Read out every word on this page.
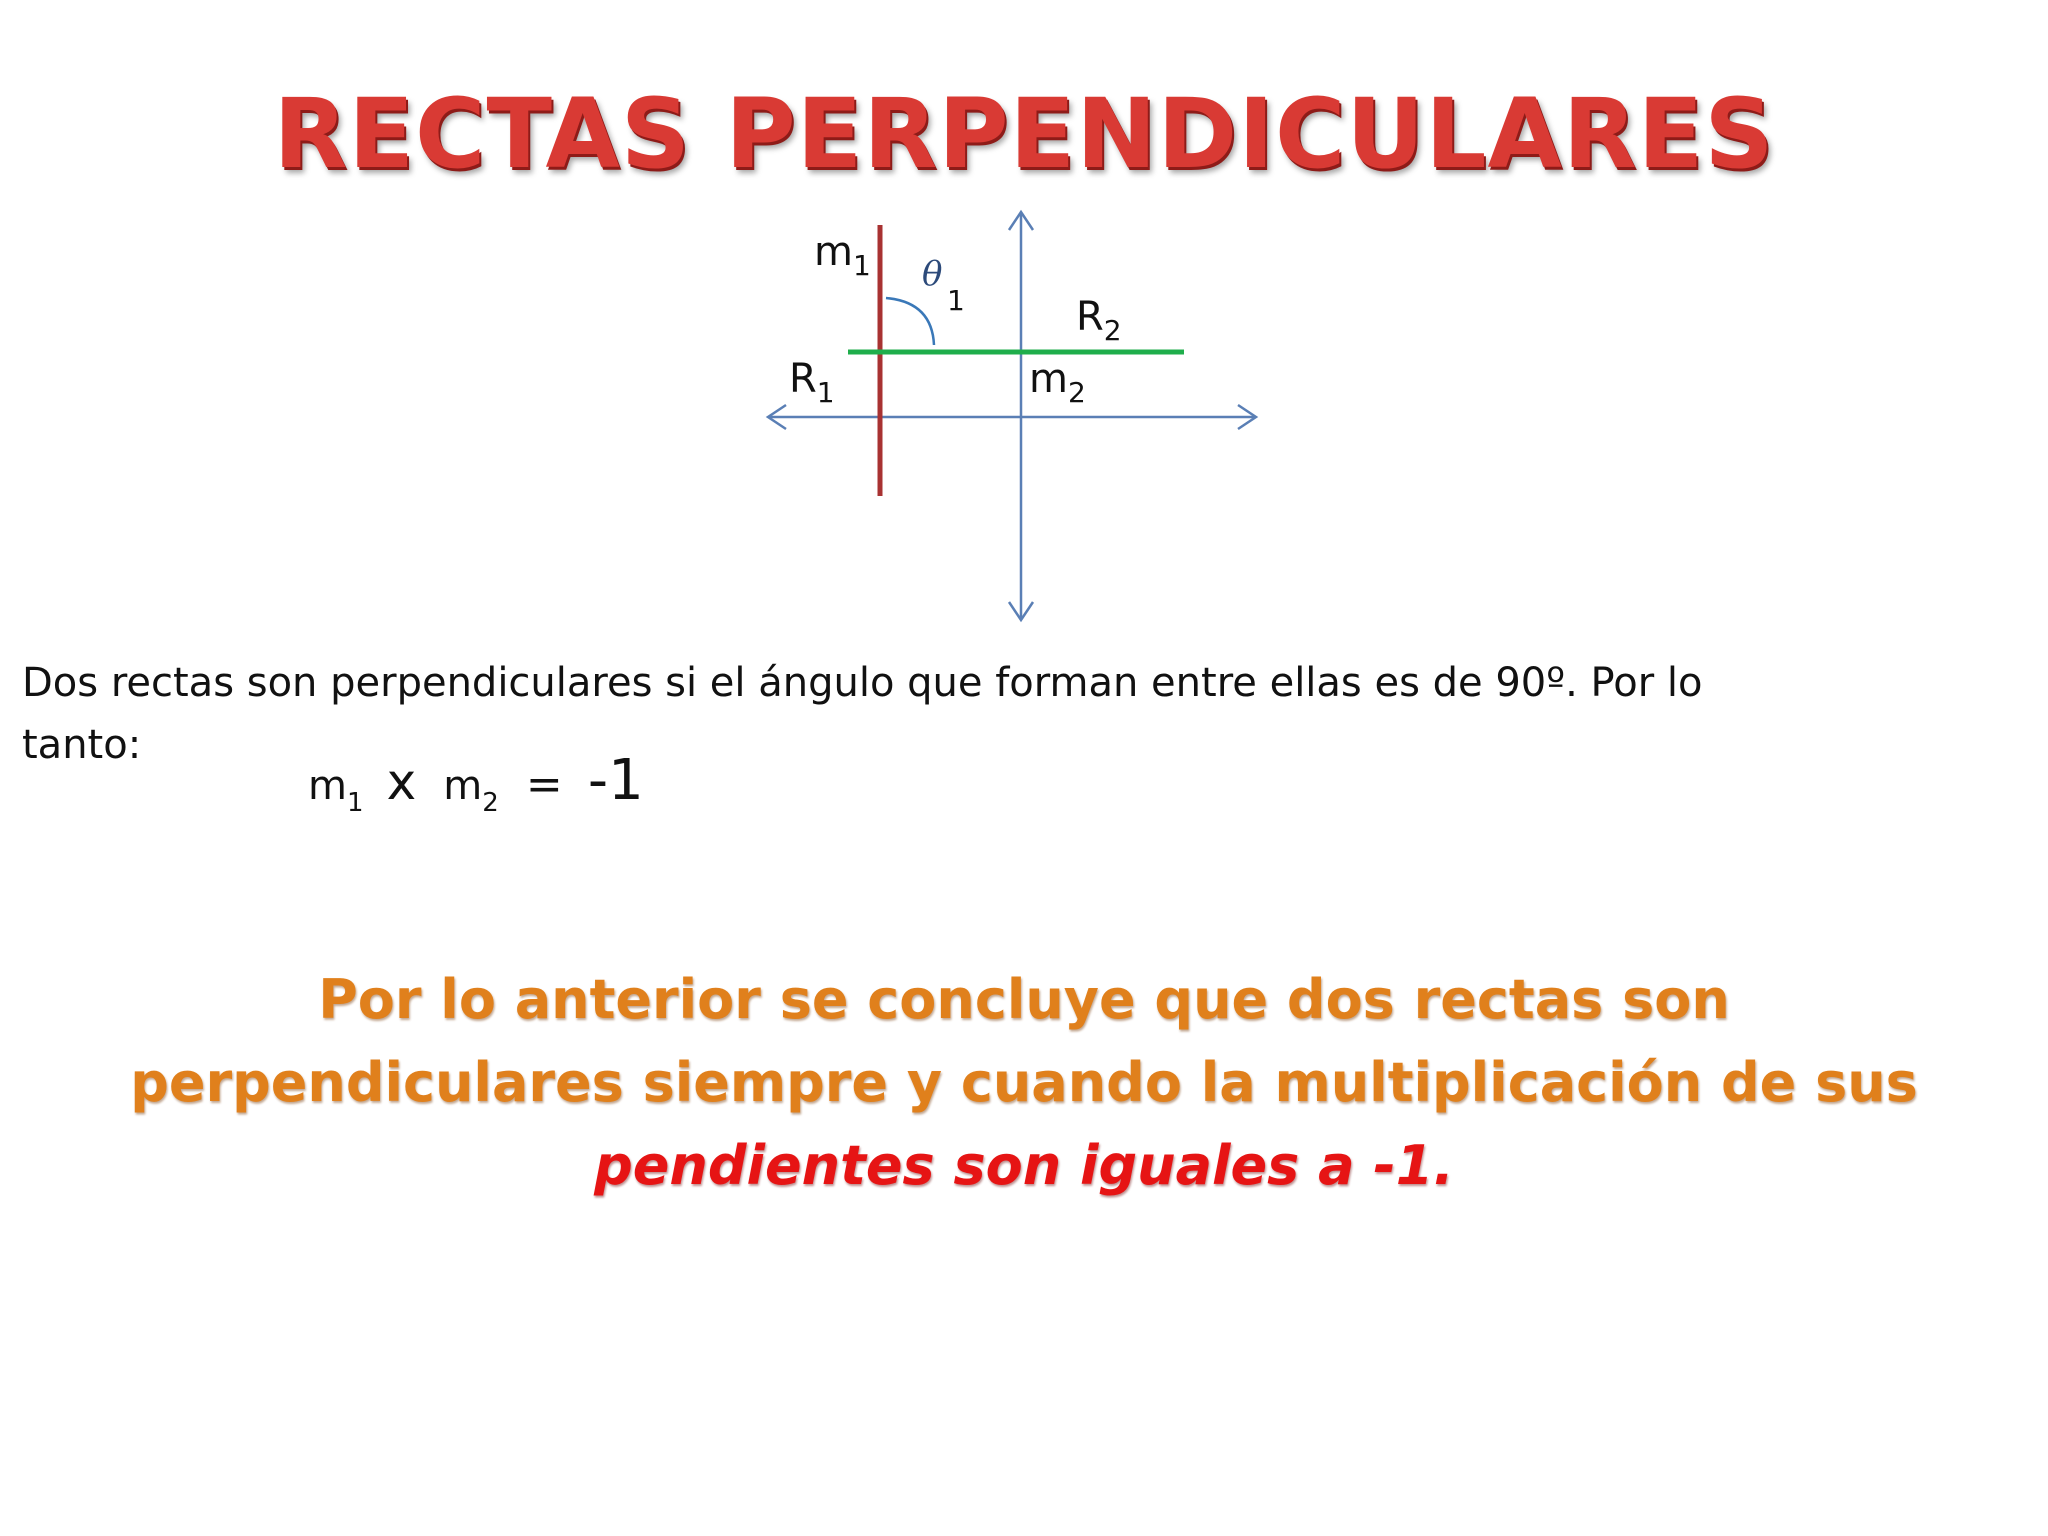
RECTAS PERPENDICULARES
$m_1$ θ
1	$R_2$
$R_1$	$m_2$

Dos rectas son perpendiculares si el ángulo que forman entre ellas es de 90º. Por lo
tanto:

m1 x m2 = -1

Por lo anterior se concluye que dos rectas son
perpendiculares siempre y cuando la multiplicación de sus
pendientes son iguales a -1.
